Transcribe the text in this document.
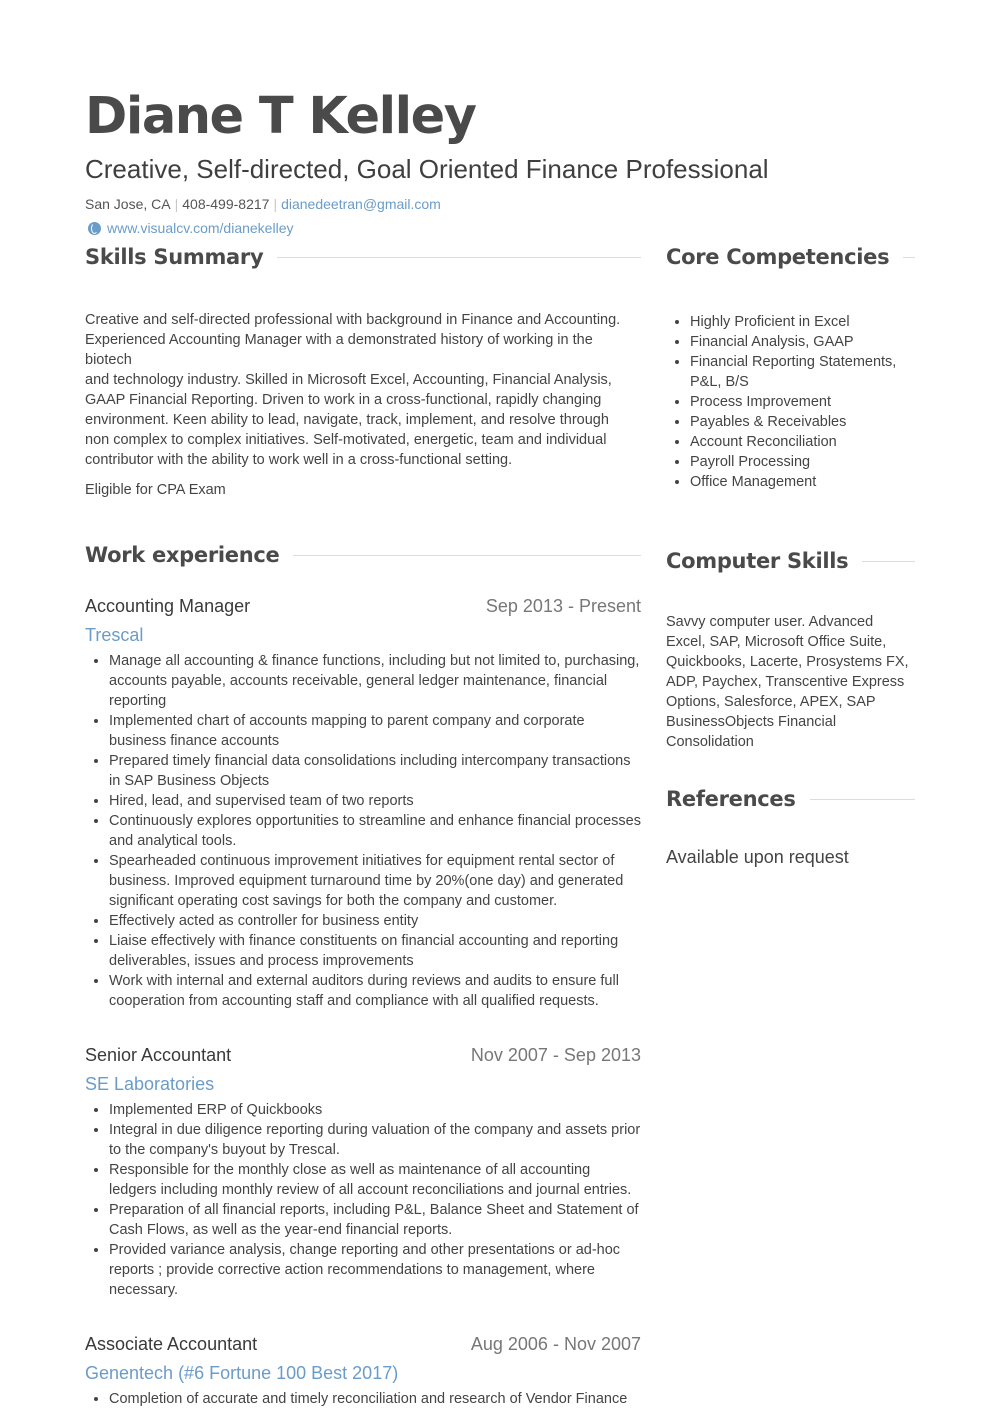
Diane T Kelley
Creative, Self-directed, Goal Oriented Finance Professional
San Jose, CA | 408-499-8217 | dianedeetran@gmail.com
www.visualcv.com/dianekelley
Skills Summary
Creative and self-directed professional with background in Finance and Accounting.
Experienced Accounting Manager with a demonstrated history of working in the
biotech
and technology industry. Skilled in Microsoft Excel, Accounting, Financial Analysis,
GAAP Financial Reporting. Driven to work in a cross-functional, rapidly changing
environment. Keen ability to lead, navigate, track, implement, and resolve through
non complex to complex initiatives. Self-motivated, energetic, team and individual
contributor with the ability to work well in a cross-functional setting.

Eligible for CPA Exam

Work experience
Accounting Manager	Sep 2013 - Present
Trescal
• Manage all accounting & finance functions, including but not limited to, purchasing, accounts payable, accounts receivable, general ledger maintenance, financial reporting
• Implemented chart of accounts mapping to parent company and corporate business finance accounts
• Prepared timely financial data consolidations including intercompany transactions in SAP Business Objects
• Hired, lead, and supervised team of two reports
• Continuously explores opportunities to streamline and enhance financial processes and analytical tools.
• Spearheaded continuous improvement initiatives for equipment rental sector of business. Improved equipment turnaround time by 20%(one day) and generated significant operating cost savings for both the company and customer.
• Effectively acted as controller for business entity
• Liaise effectively with finance constituents on financial accounting and reporting deliverables, issues and process improvements
• Work with internal and external auditors during reviews and audits to ensure full cooperation from accounting staff and compliance with all qualified requests.
Senior Accountant	Nov 2007 - Sep 2013
SE Laboratories
• Implemented ERP of Quickbooks
• Integral in due diligence reporting during valuation of the company and assets prior to the company's buyout by Trescal.
• Responsible for the monthly close as well as maintenance of all accounting ledgers including monthly review of all account reconciliations and journal entries.
• Preparation of all financial reports, including P&L, Balance Sheet and Statement of Cash Flows, as well as the year-end financial reports.
• Provided variance analysis, change reporting and other presentations or ad-hoc reports ; provide corrective action recommendations to management, where necessary.
Associate Accountant	Aug 2006 - Nov 2007
Genentech (#6 Fortune 100 Best 2017)
• Completion of accurate and timely reconciliation and research of Vendor Finance
Core Competencies
• Highly Proficient in Excel
• Financial Analysis, GAAP
• Financial Reporting Statements, P&L, B/S
• Process Improvement
• Payables & Receivables
• Account Reconciliation
• Payroll Processing
• Office Management
Computer Skills

Savvy computer user. Advanced Excel, SAP, Microsoft Office Suite, Quickbooks, Lacerte, Prosystems FX, ADP, Paychex, Transcentive Express Options, Salesforce, APEX, SAP BusinessObjects Financial Consolidation

References
Available upon request
